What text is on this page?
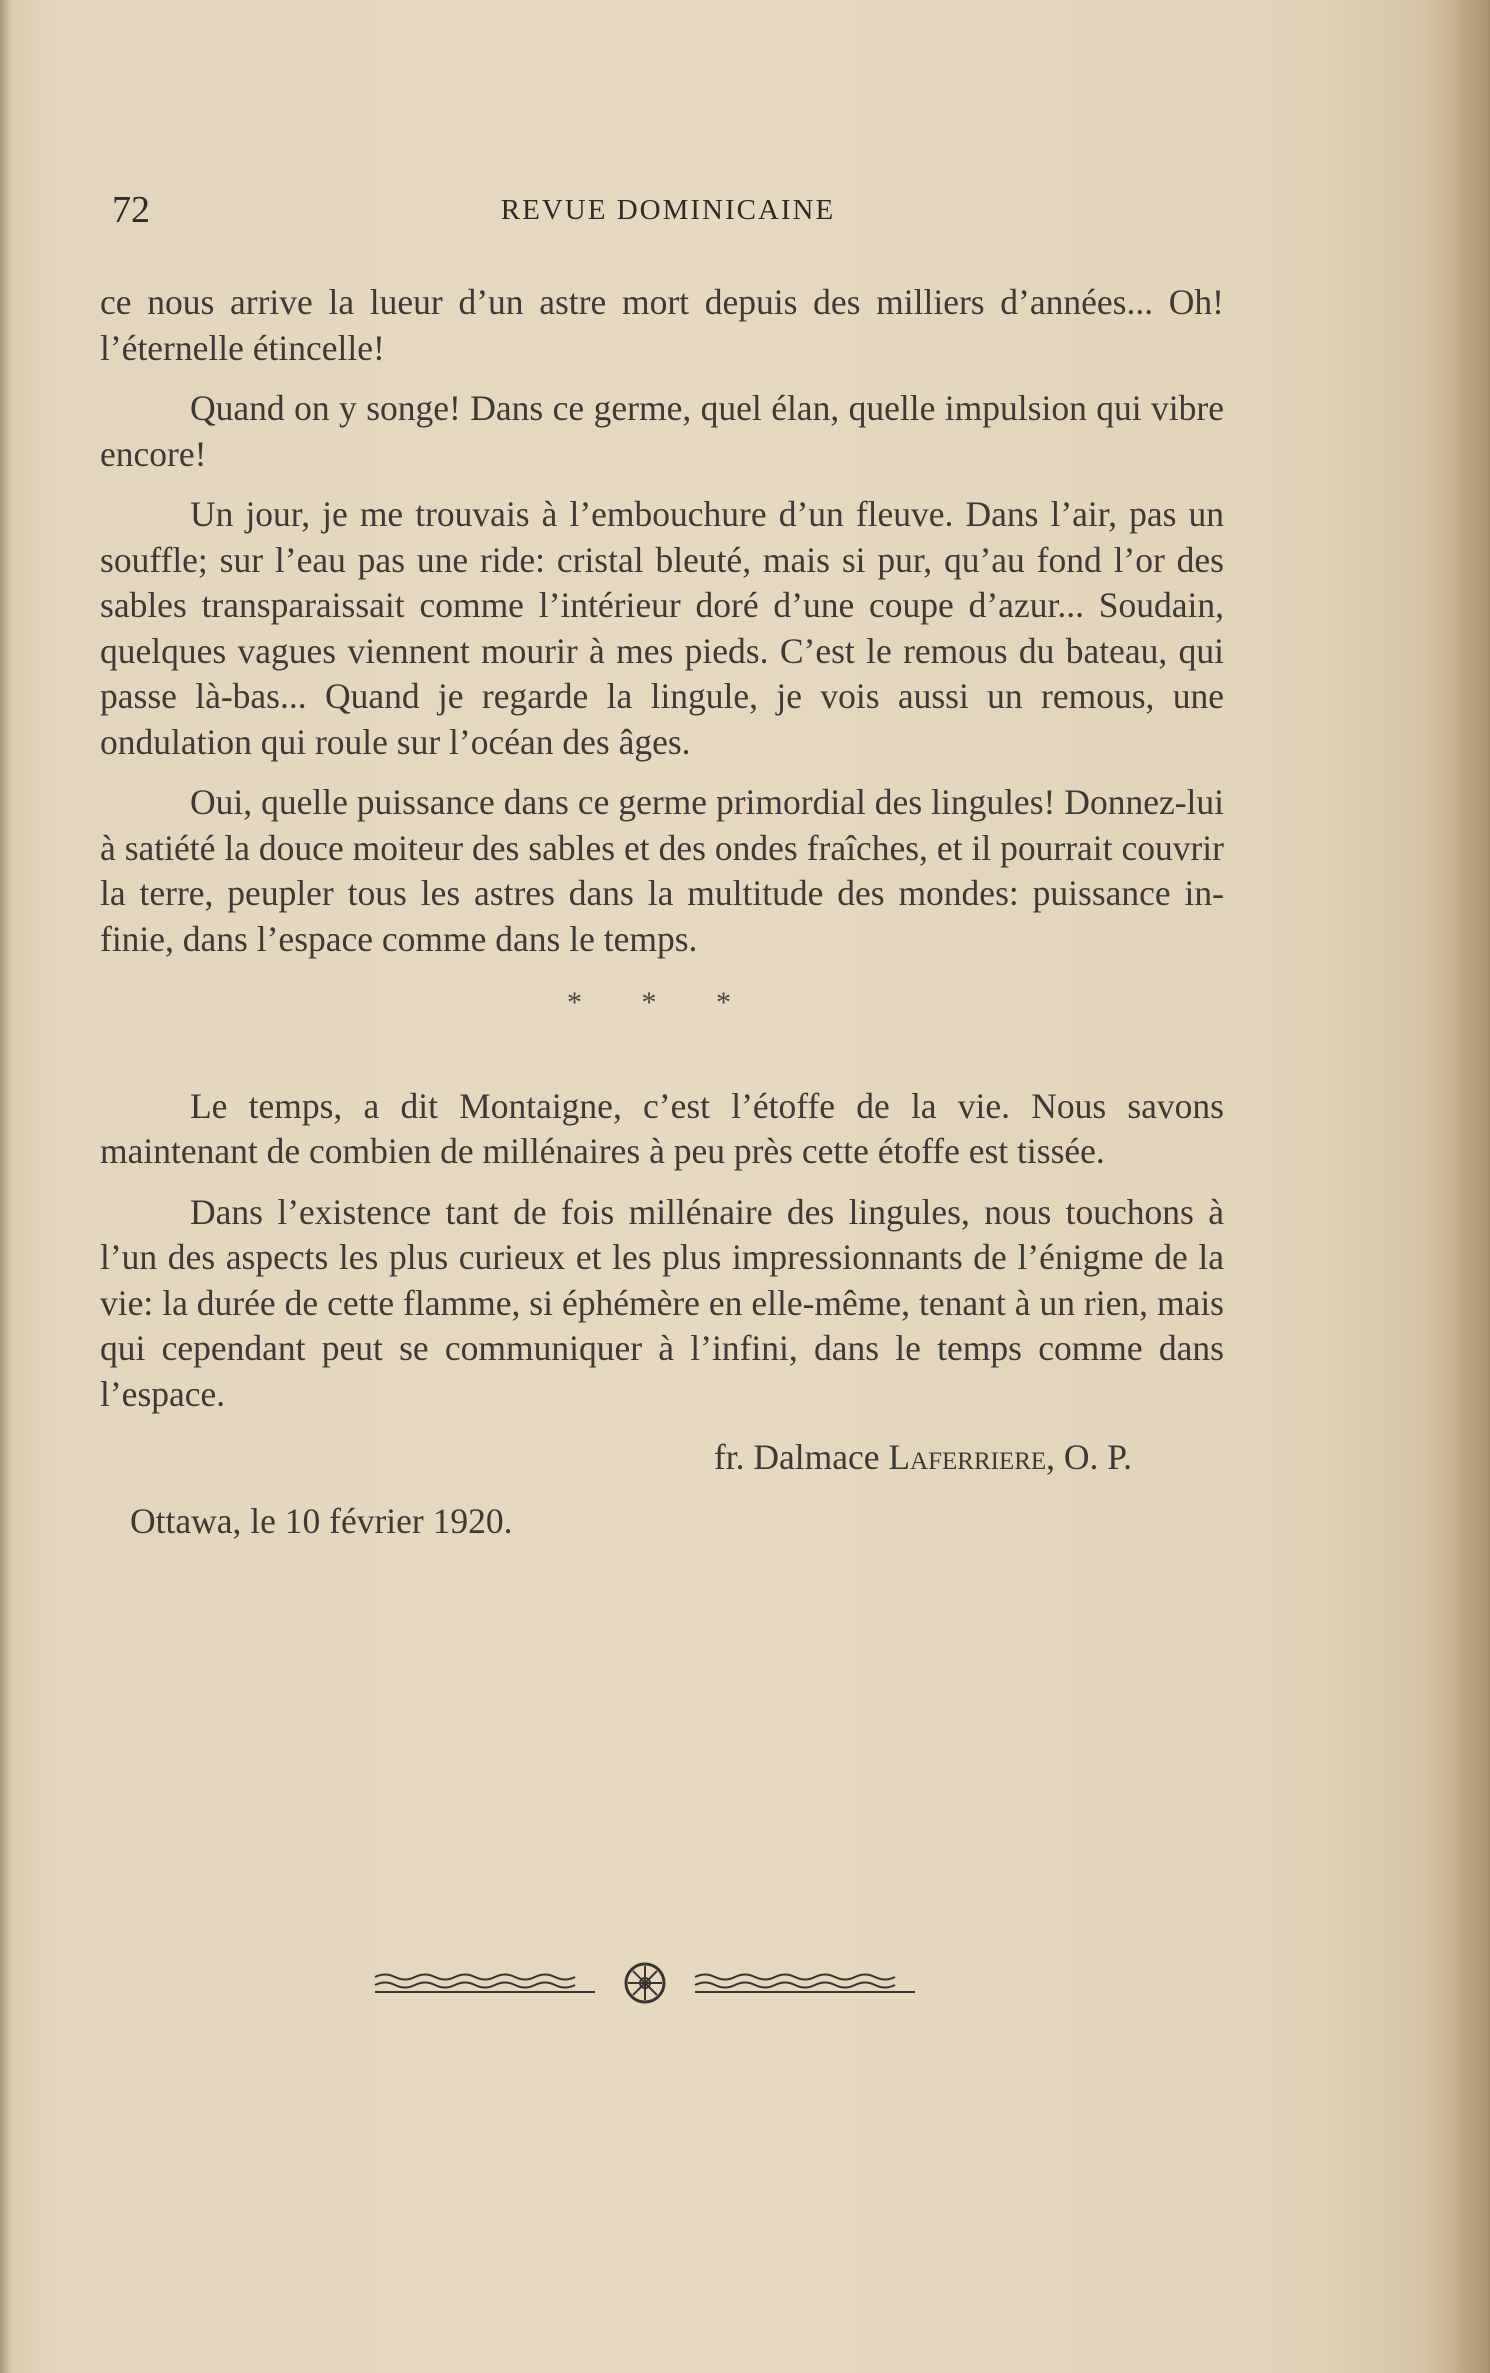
72	REVUE DOMINICAINE

ce nous arrive la lueur d’un astre mort depuis des milliers d’années... Oh! l’éternelle étincelle!

Quand on y songe! Dans ce germe, quel élan, quelle impulsion qui vibre encore!

Un jour, je me trouvais à l’embouchure d’un fleuve. Dans l’air, pas un souffle; sur l’eau pas une ride: cristal bleuté, mais si pur, qu’au fond l’or des sables transparaissait comme l’intérieur doré d’une coupe d’azur... Soudain, quelques vagues viennent mourir à mes pieds. C’est le remous du bateau, qui passe là-bas... Quand je regarde la lingule, je vois aussi un remous, une ondulation qui roule sur l’océan des âges.

Oui, quelle puissance dans ce germe primordial des lingules! Donnez-lui à satiété la douce moiteur des sables et des ondes fraîches, et il pourrait couvrir la terre, peupler tous les astres dans la multitude des mondes: puissance infinie, dans l’espace comme dans le temps.

* * *

Le temps, a dit Montaigne, c’est l’étoffe de la vie. Nous savons maintenant de combien de millénaires à peu près cette étoffe est tissée.

Dans l’existence tant de fois millénaire des lingules, nous touchons à l’un des aspects les plus curieux et les plus impressionnants de l’énigme de la vie: la durée de cette flamme, si éphémère en elle-même, tenant à un rien, mais qui cependant peut se communiquer à l’infini, dans le temps comme dans l’espace.

fr. Dalmace Laferriere, O. P.
Ottawa, le 10 février 1920.
